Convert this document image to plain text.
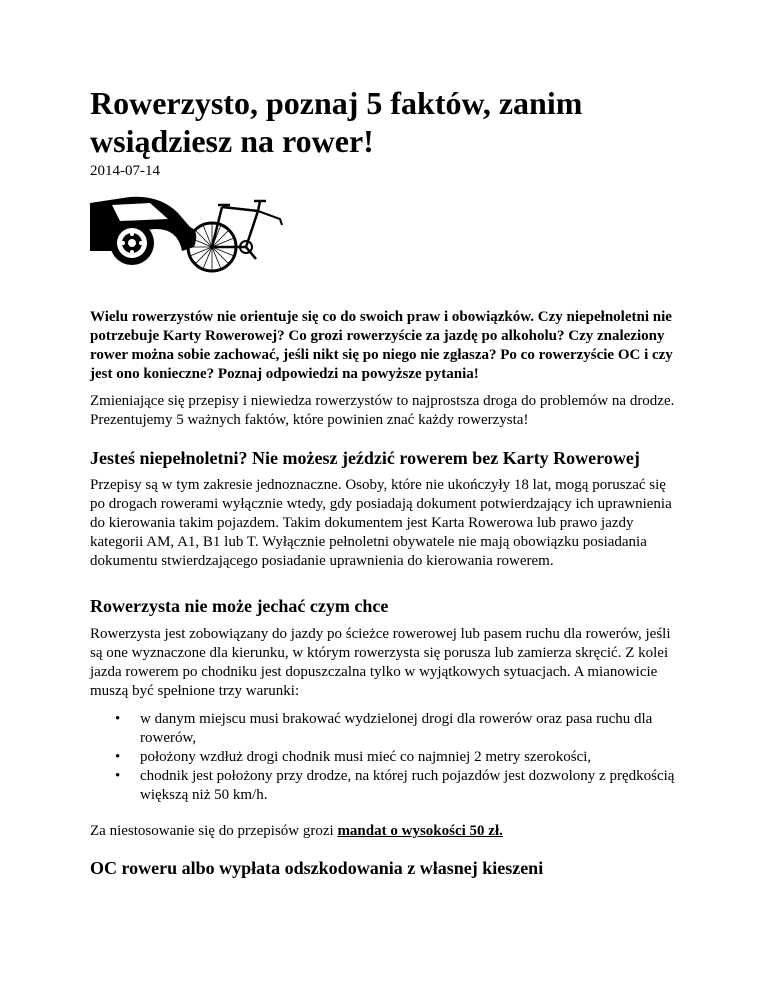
Rowerzysto, poznaj 5 faktów, zanim wsiądziesz na rower!
2014-07-14
Wielu rowerzystów nie orientuje się co do swoich praw i obowiązków. Czy niepełnoletni nie potrzebuje Karty Rowerowej? Co grozi rowerzyście za jazdę po alkoholu? Czy znaleziony rower można sobie zachować, jeśli nikt się po niego nie zgłasza? Po co rowerzyście OC i czy jest ono konieczne? Poznaj odpowiedzi na powyższe pytania!
Zmieniające się przepisy i niewiedza rowerzystów to najprostsza droga do problemów na drodze. Prezentujemy 5 ważnych faktów, które powinien znać każdy rowerzysta!
Jesteś niepełnoletni? Nie możesz jeździć rowerem bez Karty Rowerowej
Przepisy są w tym zakresie jednoznaczne. Osoby, które nie ukończyły 18 lat, mogą poruszać się po drogach rowerami wyłącznie wtedy, gdy posiadają dokument potwierdzający ich uprawnienia do kierowania takim pojazdem. Takim dokumentem jest Karta Rowerowa lub prawo jazdy kategorii AM, A1, B1 lub T. Wyłącznie pełnoletni obywatele nie mają obowiązku posiadania dokumentu stwierdzającego posiadanie uprawnienia do kierowania rowerem.
Rowerzysta nie może jechać czym chce
Rowerzysta jest zobowiązany do jazdy po ścieżce rowerowej lub pasem ruchu dla rowerów, jeśli są one wyznaczone dla kierunku, w którym rowerzysta się porusza lub zamierza skręcić. Z kolei jazda rowerem po chodniku jest dopuszczalna tylko w wyjątkowych sytuacjach. A mianowicie muszą być spełnione trzy warunki:
• w danym miejscu musi brakować wydzielonej drogi dla rowerów oraz pasa ruchu dla rowerów,
• położony wzdłuż drogi chodnik musi mieć co najmniej 2 metry szerokości,
• chodnik jest położony przy drodze, na której ruch pojazdów jest dozwolony z prędkością większą niż 50 km/h.
Za niestosowanie się do przepisów grozi mandat o wysokości 50 zł.
OC roweru albo wypłata odszkodowania z własnej kieszeni
